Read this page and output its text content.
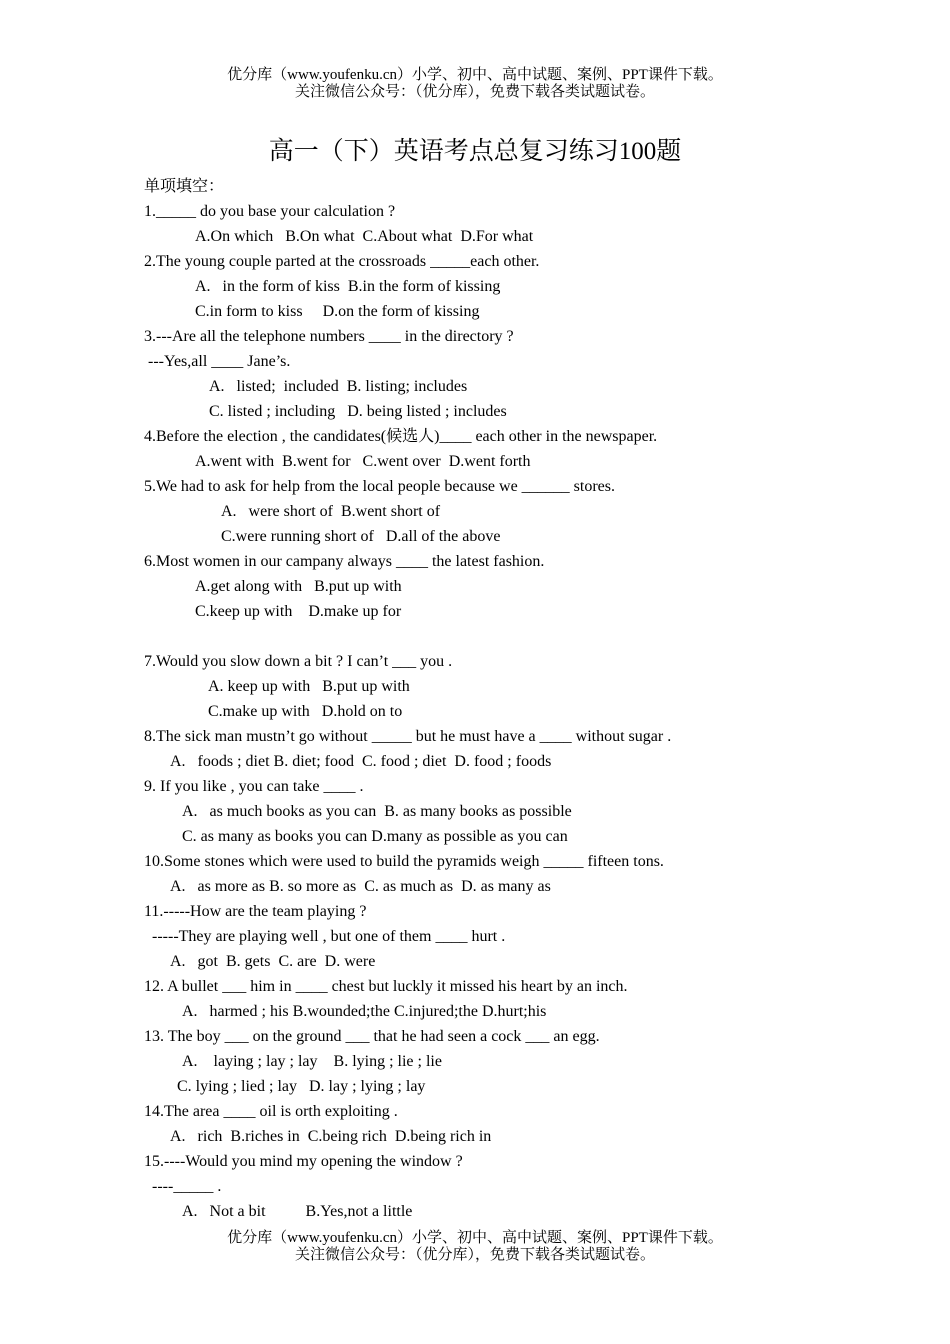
优分库（www.youfenku.cn）小学、初中、高中试题、案例、PPT课件下载。
关注微信公众号：（优分库），免费下载各类试题试卷。
高一（下）英语考点总复习练习100题
单项填空：
1._____ do you base your calculation ?
A.On which   B.On what  C.About what  D.For what
2.The young couple parted at the crossroads _____each other.
A.   in the form of kiss  B.in the form of kissing
C.in form to kiss     D.on the form of kissing
3.---Are all the telephone numbers ____ in the directory ?
---Yes,all ____ Jane’s.
A.   listed;  included  B. listing; includes
C. listed ; including   D. being listed ; includes
4.Before the election , the candidates(候选人)____ each other in the newspaper.
A.went with  B.went for   C.went over  D.went forth
5.We had to ask for help from the local people because we ______ stores.
A.   were short of  B.went short of
C.were running short of   D.all of the above
6.Most women in our campany always ____ the latest fashion.
A.get along with   B.put up with
C.keep up with    D.make up for
7.Would you slow down a bit ? I can’t ___ you .
A. keep up with   B.put up with
C.make up with   D.hold on to
8.The sick man mustn’t go without _____ but he must have a ____ without sugar .
A.   foods ; diet B. diet; food  C. food ; diet  D. food ; foods
9. If you like , you can take ____ .
A.   as much books as you can  B. as many books as possible
C. as many as books you can D.many as possible as you can
10.Some stones which were used to build the pyramids weigh _____ fifteen tons.
A.   as more as B. so more as  C. as much as  D. as many as
11.-----How are the team playing ?
-----They are playing well , but one of them ____ hurt .
A.   got  B. gets  C. are  D. were
12. A bullet ___ him in ____ chest but luckly it missed his heart by an inch.
A.   harmed ; his B.wounded;the C.injured;the D.hurt;his
13. The boy ___ on the ground ___ that he had seen a cock ___ an egg.
A.    laying ; lay ; lay    B. lying ; lie ; lie
C. lying ; lied ; lay   D. lay ; lying ; lay
14.The area ____ oil is orth exploiting .
A.   rich  B.riches in  C.being rich  D.being rich in
15.----Would you mind my opening the window ?
----_____ .
A.   Not a bit          B.Yes,not a little
优分库（www.youfenku.cn）小学、初中、高中试题、案例、PPT课件下载。
关注微信公众号：（优分库），免费下载各类试题试卷。
